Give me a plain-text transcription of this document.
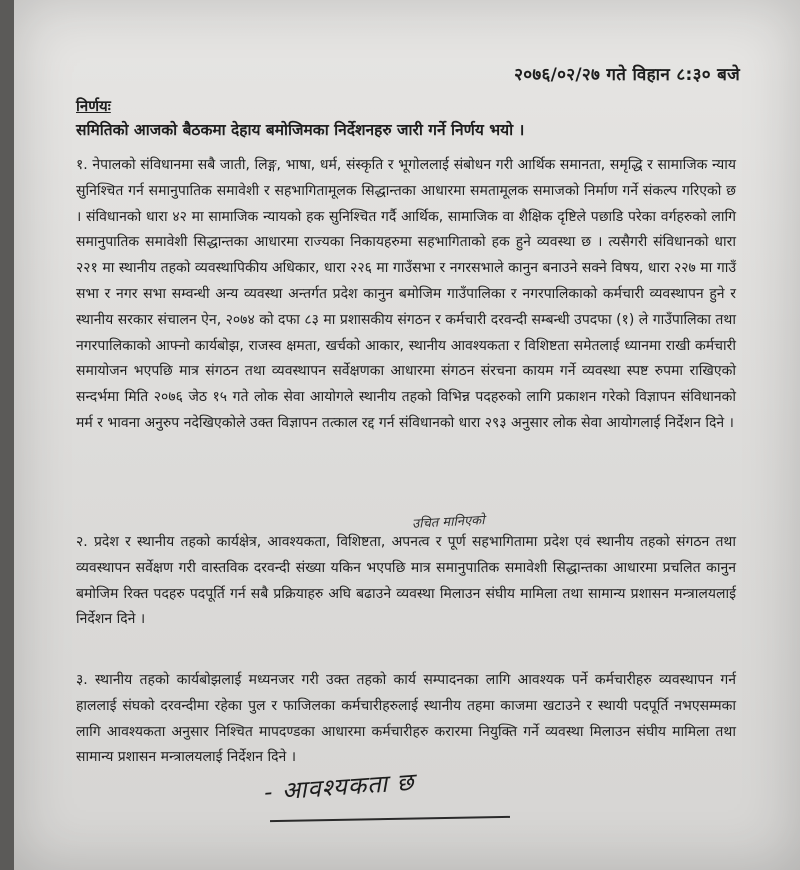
२०७६/०२/२७ गते विहान ८:३० बजे
निर्णयः
समितिको आजको बैठकमा देहाय बमोजिमका निर्देशनहरु जारी गर्ने निर्णय भयो ।
१. नेपालको संविधानमा सबै जाती, लिङ्ग, भाषा, धर्म, संस्कृति र भूगोललाई संबोधन गरी आर्थिक समानता, समृद्धि र सामाजिक न्याय सुनिश्चित गर्न समानुपातिक समावेशी र सहभागितामूलक सिद्धान्तका आधारमा समतामूलक समाजको निर्माण गर्ने संकल्प गरिएको छ । संविधानको धारा ४२ मा सामाजिक न्यायको हक सुनिश्चित गर्दै आर्थिक, सामाजिक वा शैक्षिक दृष्टिले पछाडि परेका वर्गहरुको लागि समानुपातिक समावेशी सिद्धान्तका आधारमा राज्यका निकायहरुमा सहभागिताको हक हुने व्यवस्था छ । त्यसैगरी संविधानको धारा २२१ मा स्थानीय तहको व्यवस्थापिकीय अधिकार, धारा २२६ मा गाउँसभा र नगरसभाले कानुन बनाउने सक्ने विषय, धारा २२७ मा गाउँ सभा र नगर सभा सम्वन्धी अन्य व्यवस्था अन्तर्गत प्रदेश कानुन बमोजिम गाउँपालिका र नगरपालिकाको कर्मचारी व्यवस्थापन हुने र स्थानीय सरकार संचालन ऐन, २०७४ को दफा ८३ मा प्रशासकीय संगठन र कर्मचारी दरवन्दी सम्बन्धी उपदफा (१) ले गाउँपालिका तथा नगरपालिकाको आफ्नो कार्यबोझ, राजस्व क्षमता, खर्चको आकार, स्थानीय आवश्यकता र विशिष्टता समेतलाई ध्यानमा राखी कर्मचारी समायोजन भएपछि मात्र संगठन तथा व्यवस्थापन सर्वेक्षणका आधारमा संगठन संरचना कायम गर्ने व्यवस्था स्पष्ट रुपमा राखिएको सन्दर्भमा मिति २०७६ जेठ १५ गते लोक सेवा आयोगले स्थानीय तहको विभिन्न पदहरुको लागि प्रकाशन गरेको विज्ञापन संविधानको मर्म र भावना अनुरुप नदेखिएकोले उक्त विज्ञापन तत्काल रद्द गर्न संविधानको धारा २९३ अनुसार लोक सेवा आयोगलाई निर्देशन दिने ।
उचित मानिएको
२. प्रदेश र स्थानीय तहको कार्यक्षेत्र, आवश्यकता, विशिष्टता, अपनत्व र पूर्ण सहभागितामा प्रदेश एवं स्थानीय तहको संगठन तथा व्यवस्थापन सर्वेक्षण गरी वास्तविक दरवन्दी संख्या यकिन भएपछि मात्र समानुपातिक समावेशी सिद्धान्तका आधारमा प्रचलित कानुन बमोजिम रिक्त पदहरु पदपूर्ति गर्न सबै प्रक्रियाहरु अघि बढाउने व्यवस्था मिलाउन संघीय मामिला तथा सामान्य प्रशासन मन्त्रालयलाई निर्देशन दिने ।
३. स्थानीय तहको कार्यबोझलाई मध्यनजर गरी उक्त तहको कार्य सम्पादनका लागि आवश्यक पर्ने कर्मचारीहरु व्यवस्थापन गर्न हाललाई संघको दरवन्दीमा रहेका पुल र फाजिलका कर्मचारीहरुलाई स्थानीय तहमा काजमा खटाउने र स्थायी पदपूर्ति नभएसम्मका लागि आवश्यकता अनुसार निश्चित मापदण्डका आधारमा कर्मचारीहरु करारमा नियुक्ति गर्ने व्यवस्था मिलाउन संघीय मामिला तथा सामान्य प्रशासन मन्त्रालयलाई निर्देशन दिने ।
- आवश्यकता छ
